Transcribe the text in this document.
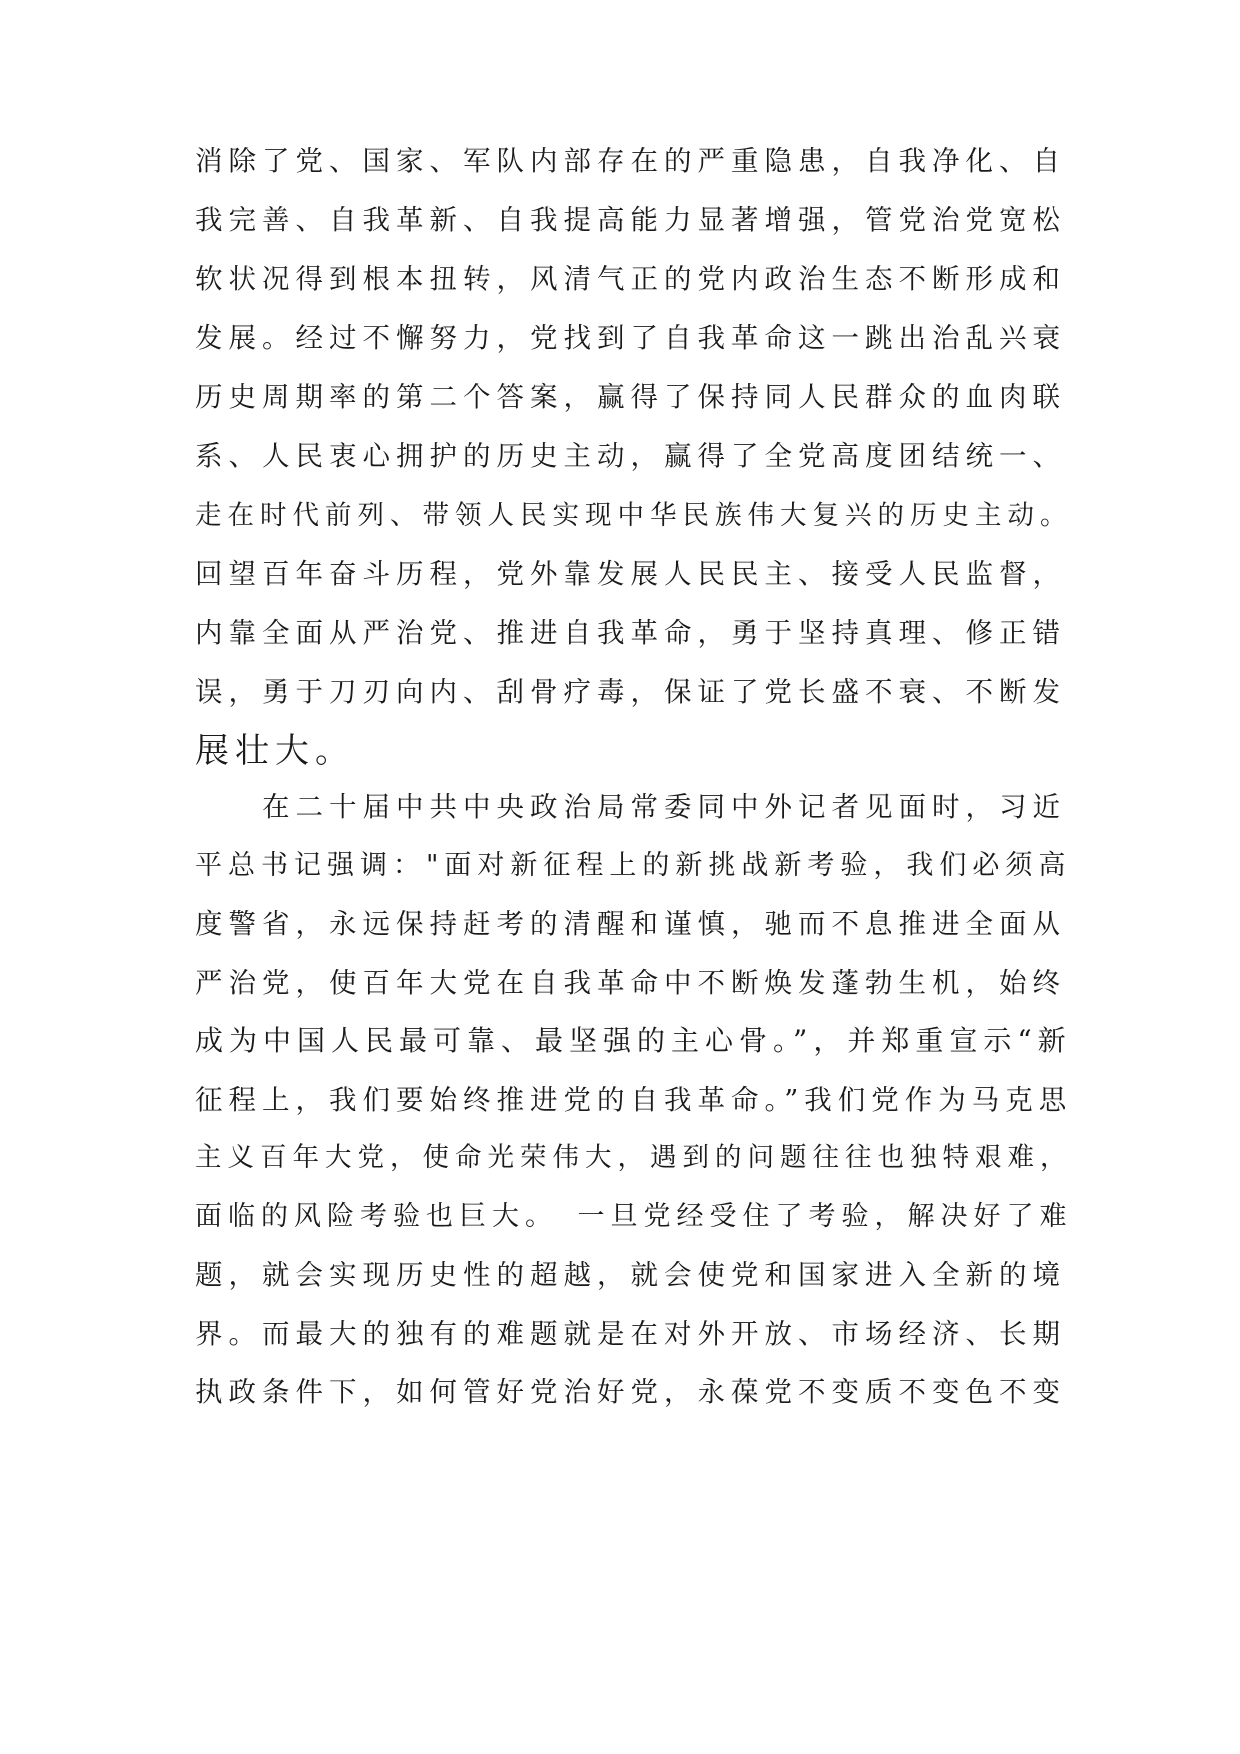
消除了党、国家、军队内部存在的严重隐患，自我净化、自
我完善、自我革新、自我提高能力显著增强，管党治党宽松
软状况得到根本扭转，风清气正的党内政治生态不断形成和
发展。经过不懈努力，党找到了自我革命这一跳出治乱兴衰
历史周期率的第二个答案，赢得了保持同人民群众的血肉联
系、人民衷心拥护的历史主动，赢得了全党高度团结统一、
走在时代前列、带领人民实现中华民族伟大复兴的历史主动。
回望百年奋斗历程，党外靠发展人民民主、接受人民监督，
内靠全面从严治党、推进自我革命，勇于坚持真理、修正错
误，勇于刀刃向内、刮骨疗毒，保证了党长盛不衰、不断发
展壮大。
　　在二十届中共中央政治局常委同中外记者见面时，习近
平总书记强调："面对新征程上的新挑战新考验，我们必须高
度警省，永远保持赶考的清醒和谨慎，驰而不息推进全面从
严治党，使百年大党在自我革命中不断焕发蓬勃生机，始终
成为中国人民最可靠、最坚强的主心骨。”，并郑重宣示“新
征程上，我们要始终推进党的自我革命。”我们党作为马克思
主义百年大党，使命光荣伟大，遇到的问题往往也独特艰难，
面临的风险考验也巨大。　一旦党经受住了考验，解决好了难
题，就会实现历史性的超越，就会使党和国家进入全新的境
界。而最大的独有的难题就是在对外开放、市场经济、长期
执政条件下，如何管好党治好党，永葆党不变质不变色不变
